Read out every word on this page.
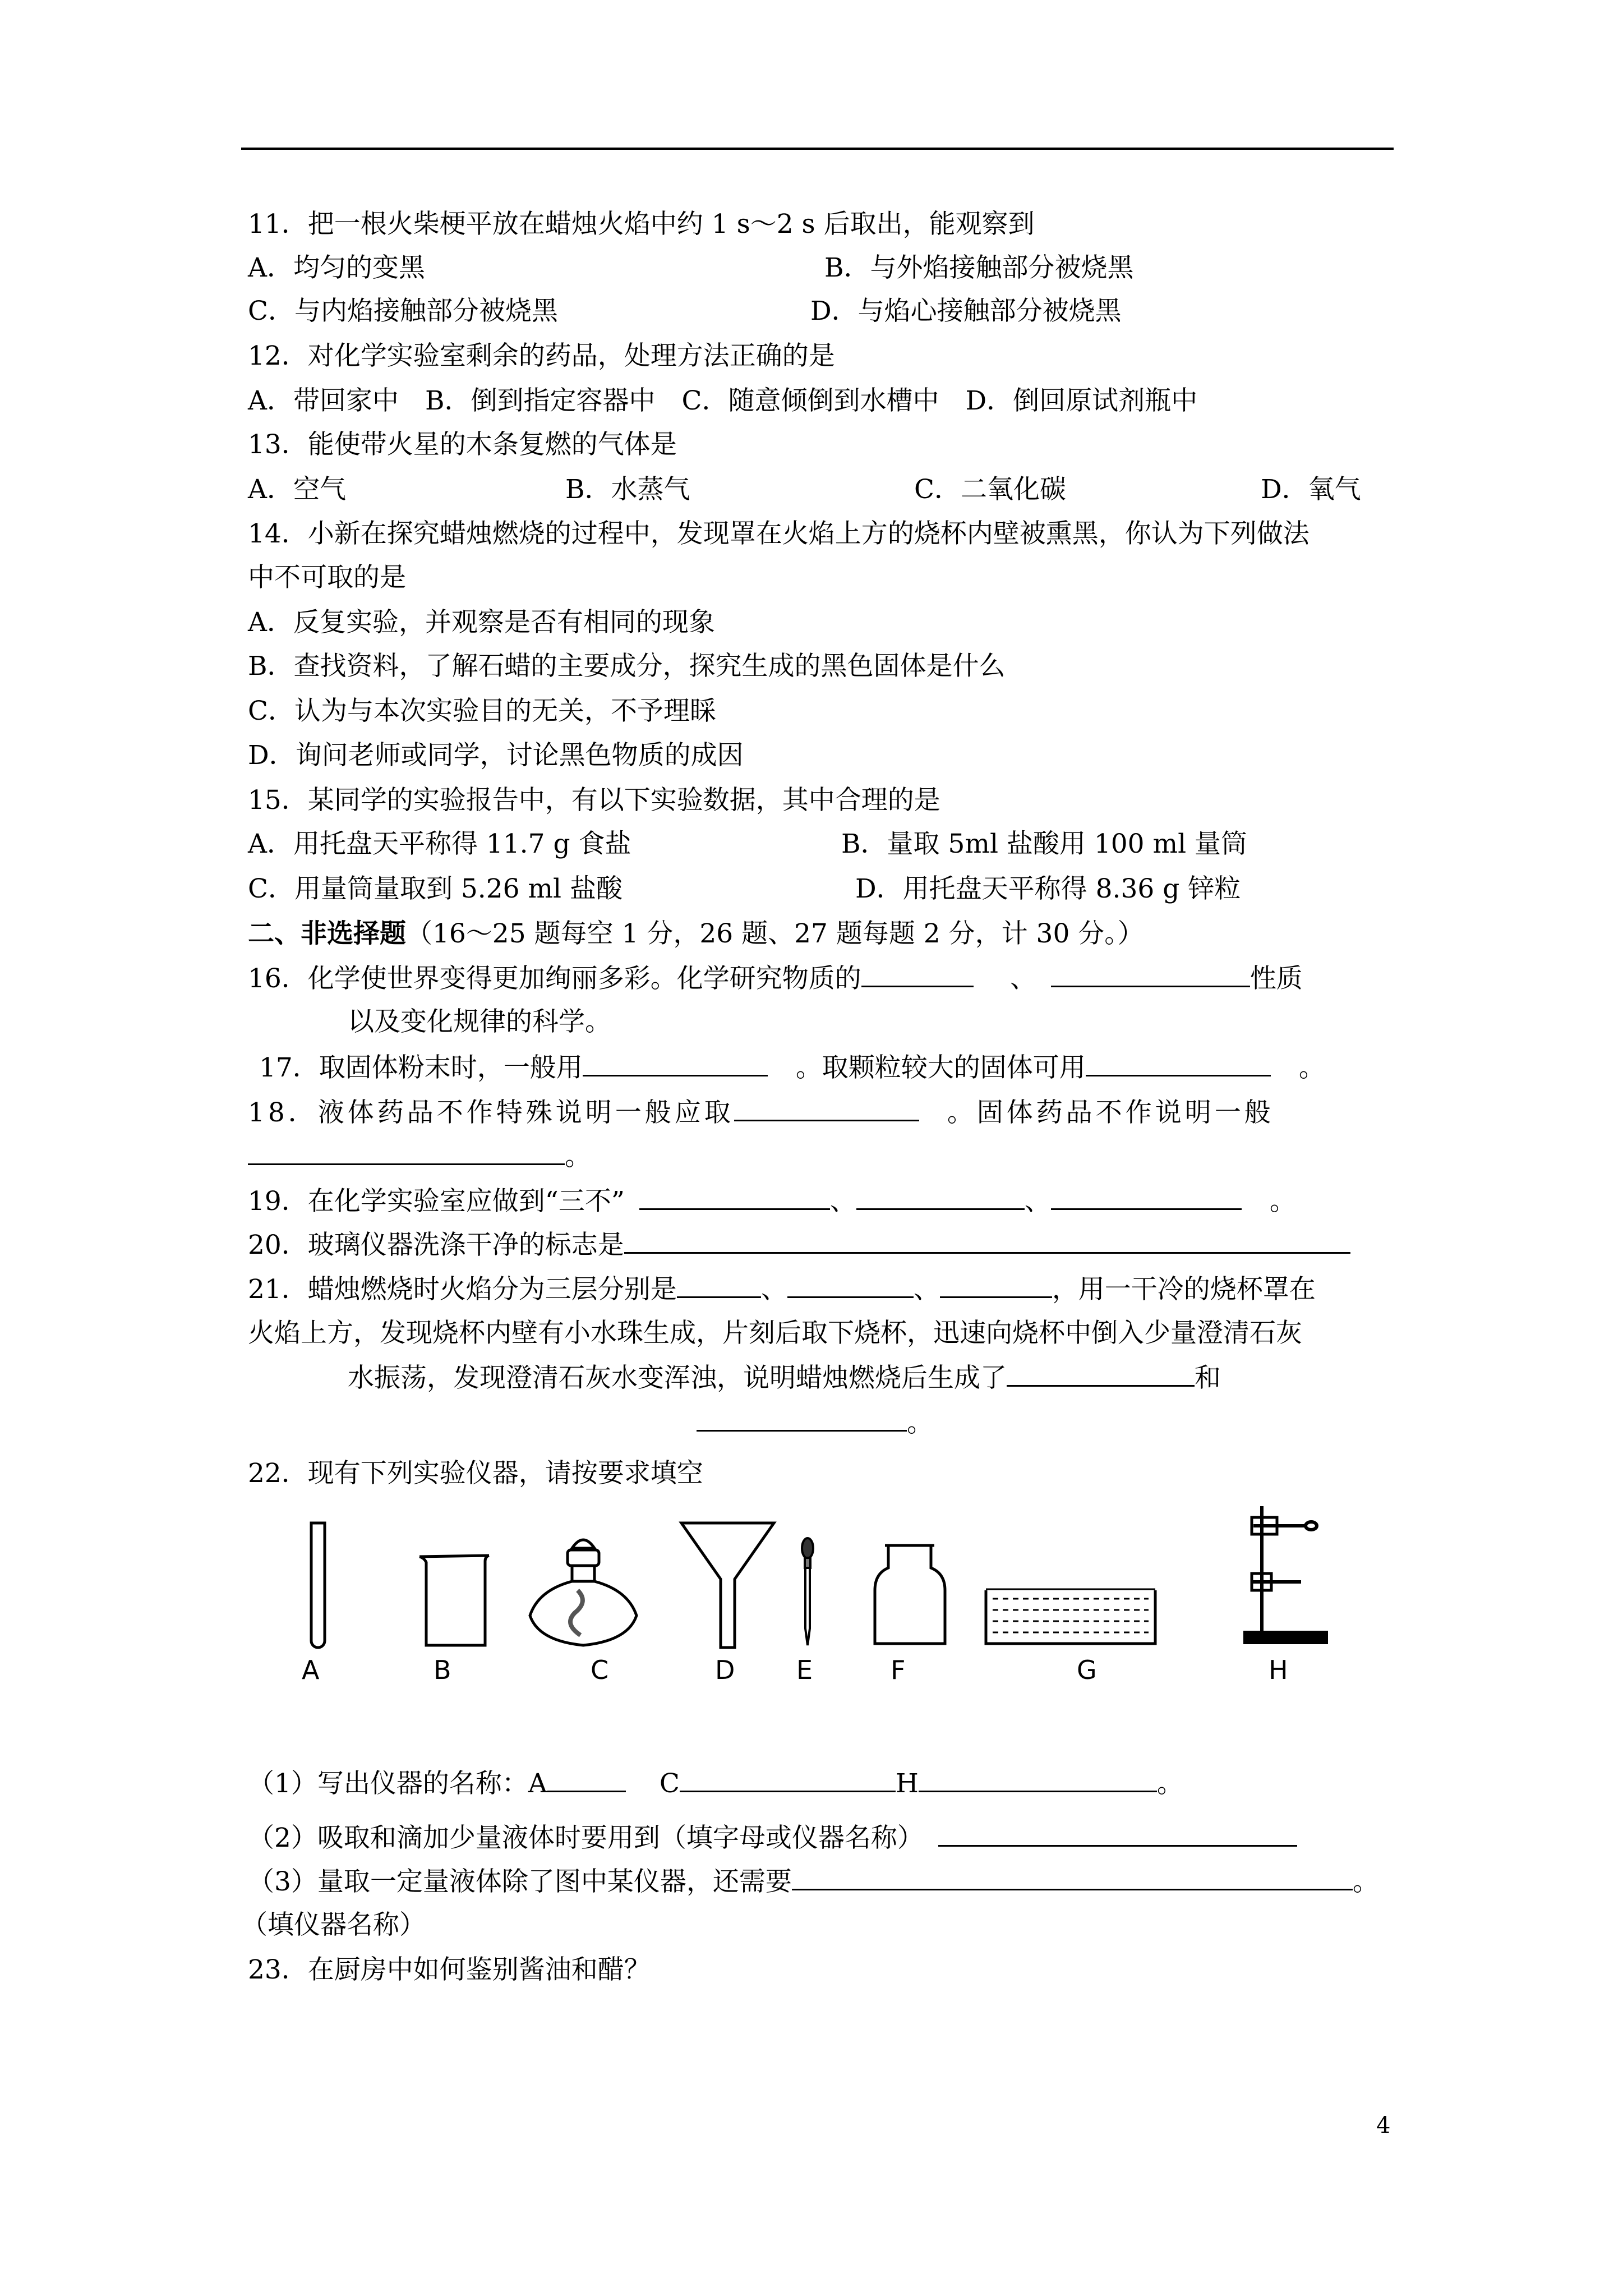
11．把一根火柴梗平放在蜡烛火焰中约 1 s～2 s 后取出，能观察到
A．均匀的变黑	B．与外焰接触部分被烧黑
C．与内焰接触部分被烧黑	D．与焰心接触部分被烧黑
12．对化学实验室剩余的药品，处理方法正确的是
A．带回家中　B．倒到指定容器中　C．随意倾倒到水槽中　D．倒回原试剂瓶中
13．能使带火星的木条复燃的气体是
A．空气	B．水蒸气	C．二氧化碳	D．氧气
14．小新在探究蜡烛燃烧的过程中，发现罩在火焰上方的烧杯内壁被熏黑，你认为下列做法
中不可取的是
A．反复实验，并观察是否有相同的现象
B．查找资料，了解石蜡的主要成分，探究生成的黑色固体是什么
C．认为与本次实验目的无关，不予理睬
D．询问老师或同学，讨论黑色物质的成因
15．某同学的实验报告中，有以下实验数据，其中合理的是
A．用托盘天平称得 11.7 g 食盐	B．量取 5ml 盐酸用 100 ml 量筒
C．用量筒量取到 5.26 ml 盐酸	D．用托盘天平称得 8.36 g 锌粒
二、非选择题（16～25 题每空 1 分，26 题、27 题每题 2 分，计 30 分。）
16．化学使世界变得更加绚丽多彩。化学研究物质的	、	性质
以及变化规律的科学。
17．取固体粉末时，一般用	。取颗粒较大的固体可用	。
18．液体药品不作特殊说明一般应取	。固体药品不作说明一般
。
19．在化学实验室应做到“三不”	、	、	。
20．玻璃仪器洗涤干净的标志是
21．蜡烛燃烧时火焰分为三层分别是	、	、	，用一干冷的烧杯罩在
火焰上方，发现烧杯内壁有小水珠生成，片刻后取下烧杯，迅速向烧杯中倒入少量澄清石灰
水振荡，发现澄清石灰水变浑浊，说明蜡烛燃烧后生成了	和
。
22．现有下列实验仪器，请按要求填空
A	B	C	D E	F	G	H
（1）写出仪器的名称：A	C	H	。
（2）吸取和滴加少量液体时要用到（填字母或仪器名称）
（3）量取一定量液体除了图中某仪器，还需要	。
（填仪器名称）
23．在厨房中如何鉴别酱油和醋？
4
